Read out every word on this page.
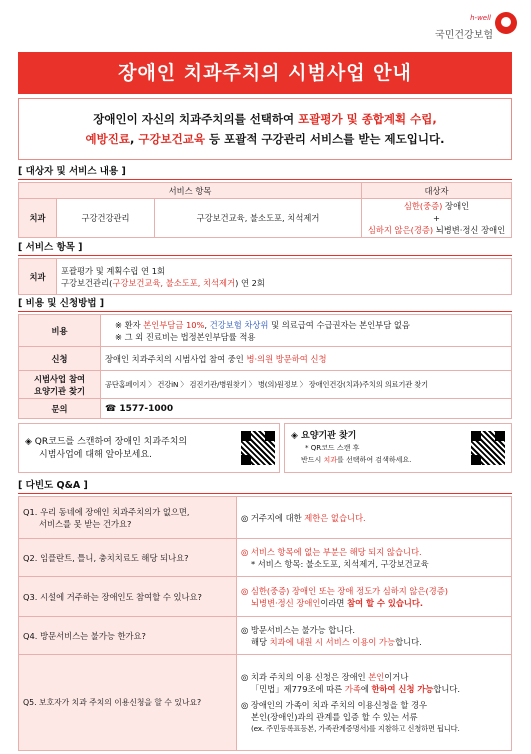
h-well
국민건강보험
장애인 치과주치의 시범사업 안내
장애인이 자신의 치과주치의를 선택하여 포괄평가 및 종합계획 수립,
예방진료, 구강보건교육 등 포괄적 구강관리 서비스를 받는 제도입니다.
[ 대상자 및 서비스 내용 ]
서비스 항목			대상자
치과	구강건강관리	구강보건교육, 불소도포, 치석제거	심한(중증) 장애인
+
심하지 않은(경증) 뇌병변·정신 장애인
[ 서비스 항목 ]
치과	
포괄평가 및 계획수립 연 1회
구강보건관리(구강보건교육, 불소도포, 치석제거) 연 2회
[ 비용 및 신청방법 ]
비용	※ 환자 본인부담금 10%, 건강보험 차상위 및 의료급여 수급권자는 본인부담 없음
※ 그 외 진료비는 법정본인부담률 적용

신청	장애인 치과주치의 시범사업 참여 중인 병·의원 방문하여 신청

시범사업 참여
요양기관 찾기	공단홈페이지 〉 건강iN 〉 검진기관/병원찾기 〉 병(의)원정보 〉 장애인건강(치과)주치의 의료기관 찾기
문의	☎ 1577-1000
◈ QR코드를 스캔하여 장애인 치과주치의
시범사업에 대해 알아보세요.
◈ 요양기관 찾기
* QR코드 스캔 후
반드시 치과를 선택하여 검색하세요.
[ 다빈도 Q&A ]
Q1. 우리 동네에 장애인 치과주치의가 없으면,
서비스를 못 받는 건가요?	◎ 거주지에 대한 제한은 없습니다.
Q2. 임플란트, 틀니, 충치치료도 해당 되나요?	◎ 서비스 항목에 없는 부분은 해당 되지 않습니다.
* 서비스 항목: 불소도포, 치석제거, 구강보건교육

Q3. 시설에 거주하는 장애인도 참여할 수 있나요?	◎ 심한(중증) 장애인 또는 장애 정도가 심하지 않은(경증)
뇌병변·정신 장애인이라면 참여 할 수 있습니다.

Q4. 방문서비스는 불가능 한가요?	◎ 방문서비스는 불가능 합니다.
해당 치과에 내원 시 서비스 이용이 가능합니다.

Q5. 보호자가 치과 주치의 이용신청을 할 수 있나요?	◎ 치과 주치의 이용 신청은 장애인 본인이거나
「민법」제779조에 따른 가족에 한하여 신청 가능합니다.
◎ 장애인의 가족이 치과 주치의 이용신청을 할 경우
본인(장애인)과의 관계를 입증 할 수 있는 서류
(ex. 주민등록표등본, 가족관계증명서)를 지참하고 신청하면 됩니다.
